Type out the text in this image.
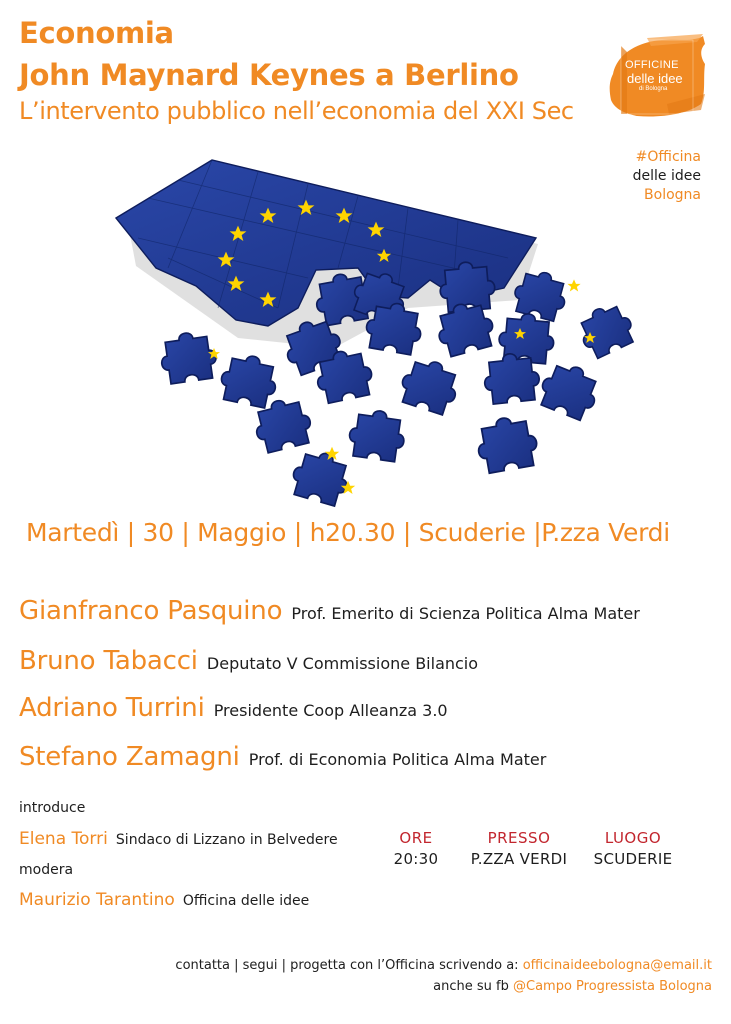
Economia
John Maynard Keynes a Berlino
L’intervento pubblico nell’economia del XXI Sec
OFFICINE
delle idee
di Bologna
#Officina
delle idee
Bologna
Martedì | 30 | Maggio | h20.30 | Scuderie |P.zza Verdi
Gianfranco Pasquino Prof. Emerito di Scienza Politica Alma Mater
Bruno Tabacci Deputato V Commissione Bilancio
Adriano Turrini Presidente Coop Alleanza 3.0
Stefano Zamagni Prof. di Economia Politica Alma Mater
introduce
Elena Torri Sindaco di Lizzano in Belvedere
modera
Maurizio Tarantino Officina delle idee
ORE
20:30
PRESSO
P.ZZA VERDI
LUOGO
SCUDERIE
contatta | segui | progetta con l’Officina scrivendo a: officinaideebologna@email.it
anche su fb @Campo Progressista Bologna
